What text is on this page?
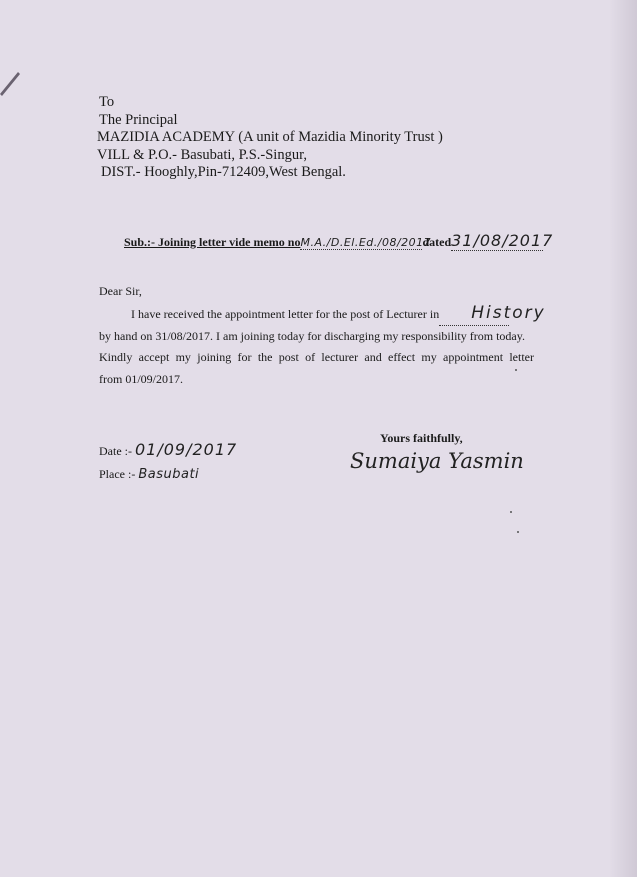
To
The Principal
MAZIDIA ACADEMY (A unit of Mazidia Minority Trust )
VILL & P.O.- Basubati, P.S.-Singur,
DIST.- Hooghly,Pin-712409,West Bengal.
Sub.:- Joining letter vide memo noM.A./D.El.Ed./08/2017dated31/08/2017
Dear Sir,
I have received the appointment letter for the post of Lecturer in History
by hand on 31/08/2017. I am joining today for discharging my responsibility from today.
Kindly accept my joining for the post of lecturer and effect my appointment letter
from 01/09/2017.
Date :- 01/09/2017
Place :- Basubati
Yours faithfully,
Sumaiya Yasmin
